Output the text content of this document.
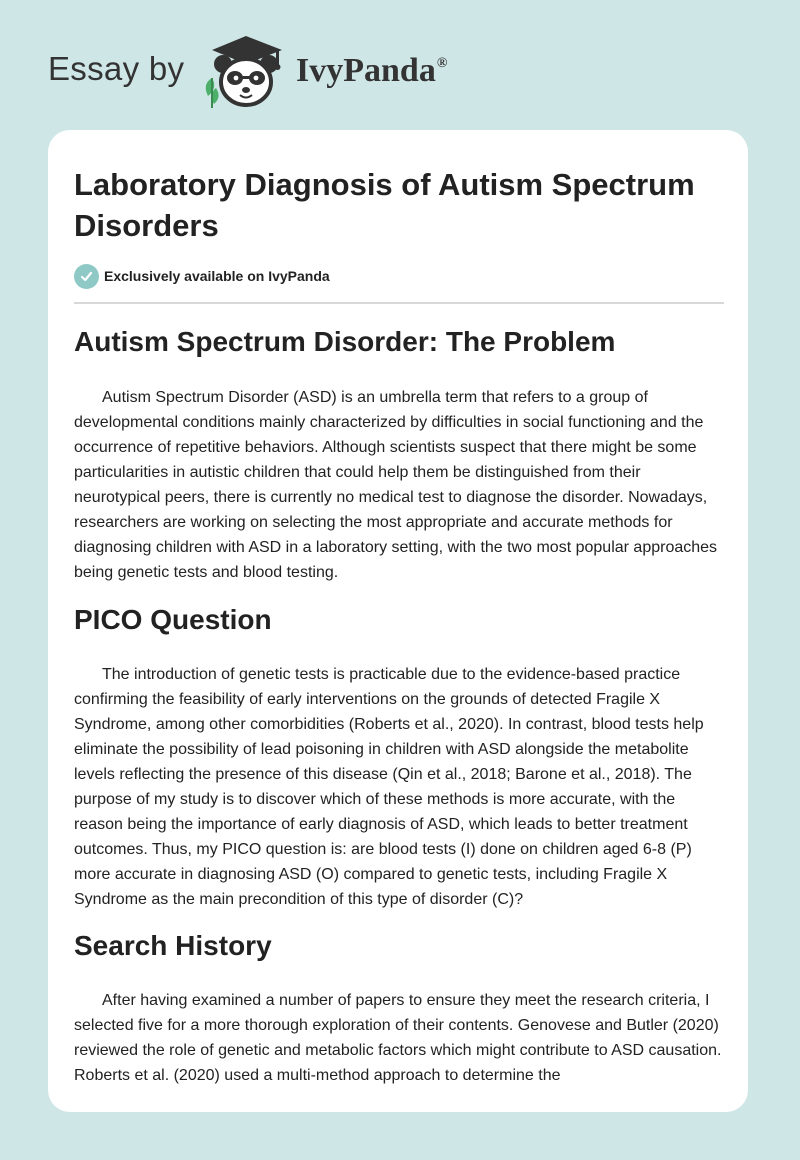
Essay by	IvyPanda®
Laboratory Diagnosis of Autism Spectrum Disorders
Exclusively available on IvyPanda
Autism Spectrum Disorder: The Problem

Autism Spectrum Disorder (ASD) is an umbrella term that refers to a group of developmental conditions mainly characterized by difficulties in social functioning and the occurrence of repetitive behaviors. Although scientists suspect that there might be some particularities in autistic children that could help them be distinguished from their neurotypical peers, there is currently no medical test to diagnose the disorder. Nowadays, researchers are working on selecting the most appropriate and accurate methods for diagnosing children with ASD in a laboratory setting, with the two most popular approaches being genetic tests and blood testing.

PICO Question

The introduction of genetic tests is practicable due to the evidence-based practice confirming the feasibility of early interventions on the grounds of detected Fragile X Syndrome, among other comorbidities (Roberts et al., 2020). In contrast, blood tests help eliminate the possibility of lead poisoning in children with ASD alongside the metabolite levels reflecting the presence of this disease (Qin et al., 2018; Barone et al., 2018). The purpose of my study is to discover which of these methods is more accurate, with the reason being the importance of early diagnosis of ASD, which leads to better treatment outcomes. Thus, my PICO question is: are blood tests (I) done on children aged 6-8 (P) more accurate in diagnosing ASD (O) compared to genetic tests, including Fragile X Syndrome as the main precondition of this type of disorder (C)?

Search History

After having examined a number of papers to ensure they meet the research criteria, I selected five for a more thorough exploration of their contents. Genovese and Butler (2020) reviewed the role of genetic and metabolic factors which might contribute to ASD causation. Roberts et al. (2020) used a multi-method approach to determine the
